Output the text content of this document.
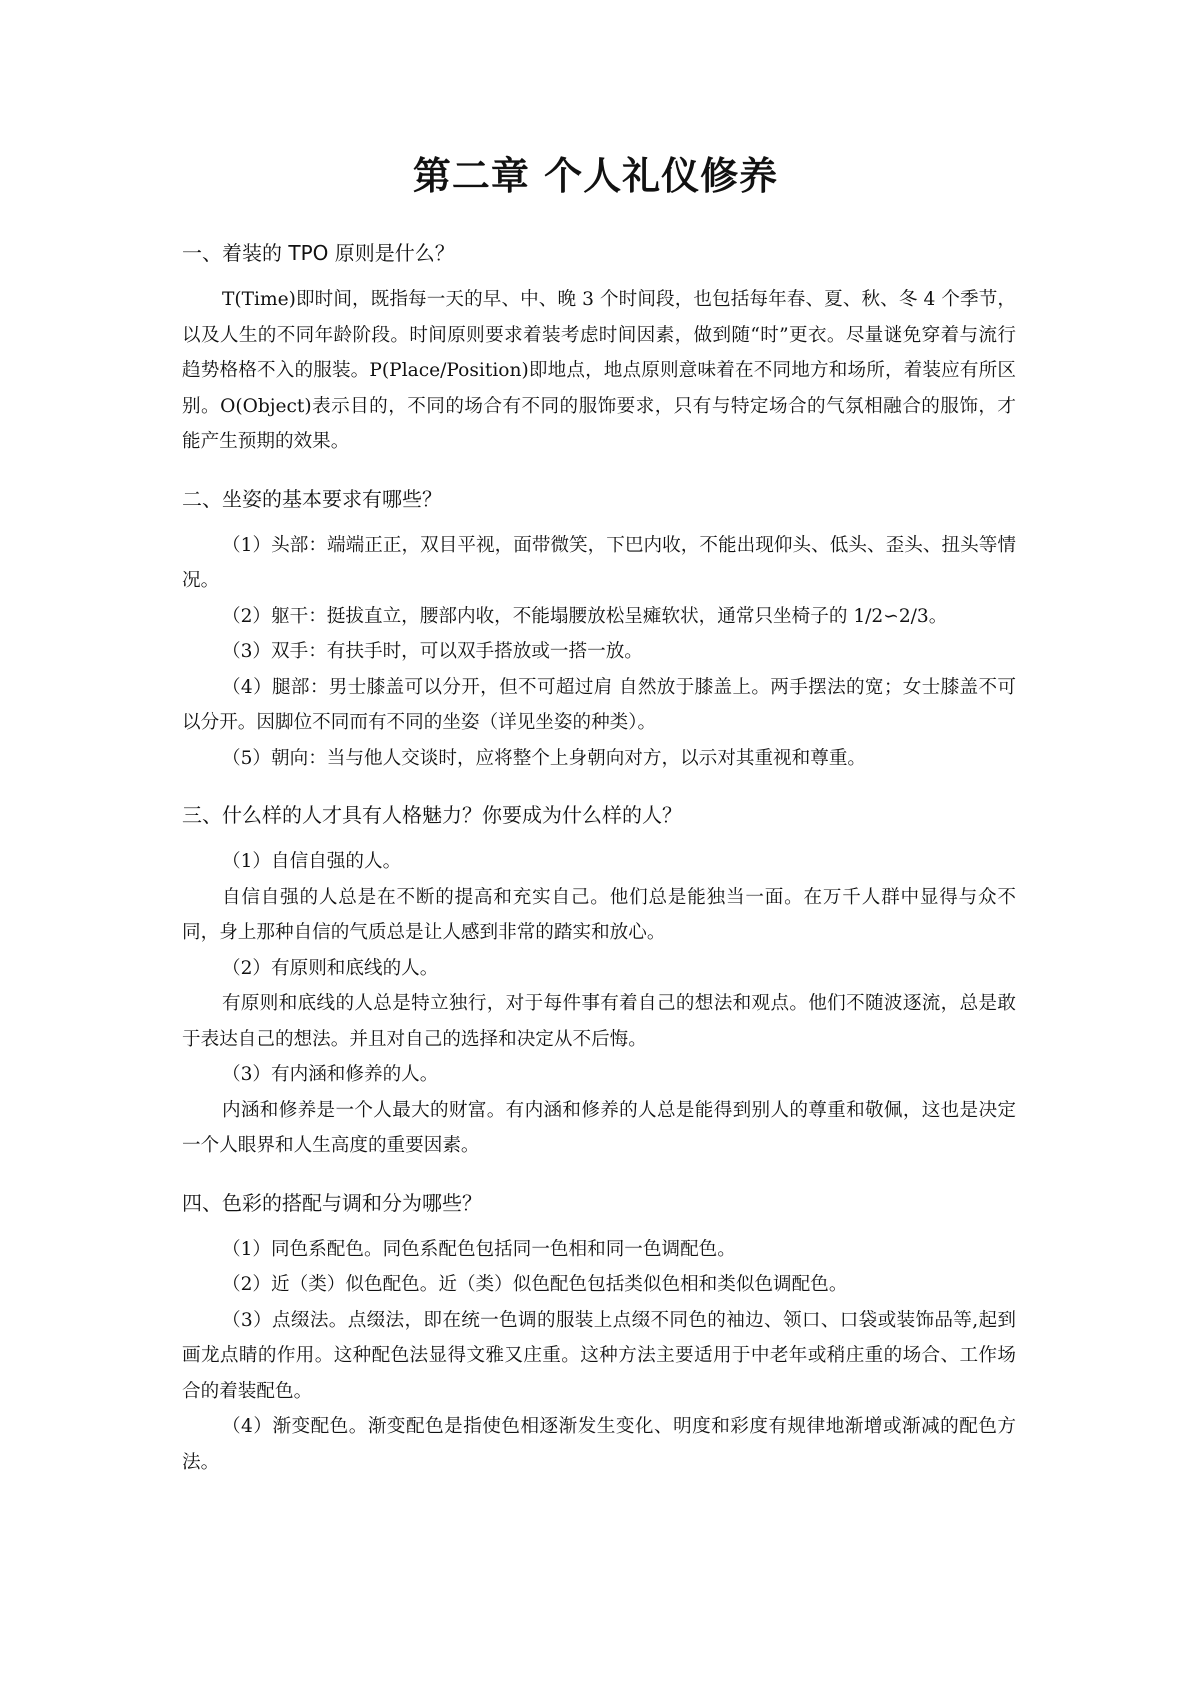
第二章 个人礼仪修养
一、着装的 TPO 原则是什么？

T(Time)即时间，既指每一天的早、中、晚 3 个时间段，也包括每年春、夏、秋、冬 4 个季节，以及人生的不同年龄阶段。时间原则要求着装考虑时间因素，做到随“时”更衣。尽量谜免穿着与流行趋势格格不入的服装。P(Place/Position)即地点，地点原则意味着在不同地方和场所，着装应有所区别。O(Object)表示目的，不同的场合有不同的服饰要求，只有与特定场合的气氛相融合的服饰，才能产生预期的效果。

二、坐姿的基本要求有哪些？

（1）头部：端端正正，双目平视，面带微笑，下巴内收，不能出现仰头、低头、歪头、扭头等情况。

（2）躯干：挺拔直立，腰部内收，不能塌腰放松呈瘫软状，通常只坐椅子的 1/2∽2/3。

（3）双手：有扶手时，可以双手搭放或一搭一放。

（4）腿部：男士膝盖可以分开，但不可超过肩 自然放于膝盖上。两手摆法的宽；女士膝盖不可以分开。因脚位不同而有不同的坐姿（详见坐姿的种类）。

（5）朝向：当与他人交谈时，应将整个上身朝向对方，以示对其重视和尊重。

三、什么样的人才具有人格魅力？你要成为什么样的人？

（1）自信自强的人。

自信自强的人总是在不断的提高和充实自己。他们总是能独当一面。在万千人群中显得与众不同，身上那种自信的气质总是让人感到非常的踏实和放心。

（2）有原则和底线的人。

有原则和底线的人总是特立独行，对于每件事有着自己的想法和观点。他们不随波逐流，总是敢于表达自己的想法。并且对自己的选择和决定从不后悔。

（3）有内涵和修养的人。

内涵和修养是一个人最大的财富。有内涵和修养的人总是能得到别人的尊重和敬佩，这也是决定一个人眼界和人生高度的重要因素。

四、色彩的搭配与调和分为哪些？

（1）同色系配色。同色系配色包括同一色相和同一色调配色。

（2）近（类）似色配色。近（类）似色配色包括类似色相和类似色调配色。

（3）点缀法。点缀法，即在统一色调的服装上点缀不同色的袖边、领口、口袋或装饰品等,起到画龙点睛的作用。这种配色法显得文雅又庄重。这种方法主要适用于中老年或稍庄重的场合、工作场合的着装配色。

（4）渐变配色。渐变配色是指使色相逐渐发生变化、明度和彩度有规律地渐增或渐减的配色方法。
